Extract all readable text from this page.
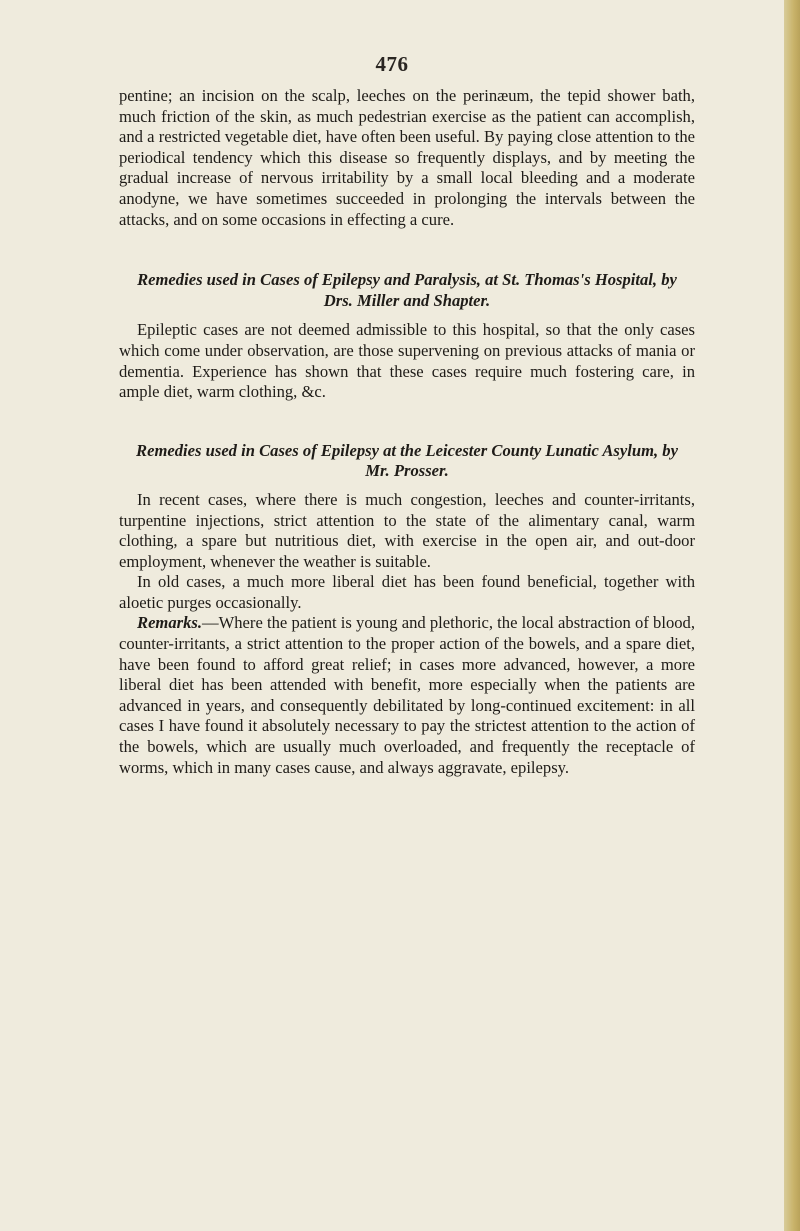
476

pentine; an incision on the scalp, leeches on the perinæum, the tepid shower bath, much friction of the skin, as much pedestrian exercise as the patient can accomplish, and a restricted vegetable diet, have often been useful. By paying close attention to the periodical tendency which this disease so frequently displays, and by meeting the gradual increase of nervous irritability by a small local bleeding and a moderate anodyne, we have sometimes succeeded in prolonging the intervals between the attacks, and on some occasions in effecting a cure.

Remedies used in Cases of Epilepsy and Paralysis, at St. Thomas's Hospital, by Drs. Miller and Shapter.

Epileptic cases are not deemed admissible to this hospital, so that the only cases which come under observation, are those supervening on previous attacks of mania or dementia. Experience has shown that these cases require much fostering care, in ample diet, warm clothing, &c.

Remedies used in Cases of Epilepsy at the Leicester County Lunatic Asylum, by Mr. Prosser.

In recent cases, where there is much congestion, leeches and counter-irritants, turpentine injections, strict attention to the state of the alimentary canal, warm clothing, a spare but nutritious diet, with exercise in the open air, and out-door employment, whenever the weather is suitable.

In old cases, a much more liberal diet has been found beneficial, together with aloetic purges occasionally.

Remarks.—Where the patient is young and plethoric, the local abstraction of blood, counter-irritants, a strict attention to the proper action of the bowels, and a spare diet, have been found to afford great relief; in cases more advanced, however, a more liberal diet has been attended with benefit, more especially when the patients are advanced in years, and consequently debilitated by long-continued excitement: in all cases I have found it absolutely necessary to pay the strictest attention to the action of the bowels, which are usually much overloaded, and frequently the receptacle of worms, which in many cases cause, and always aggravate, epilepsy.
